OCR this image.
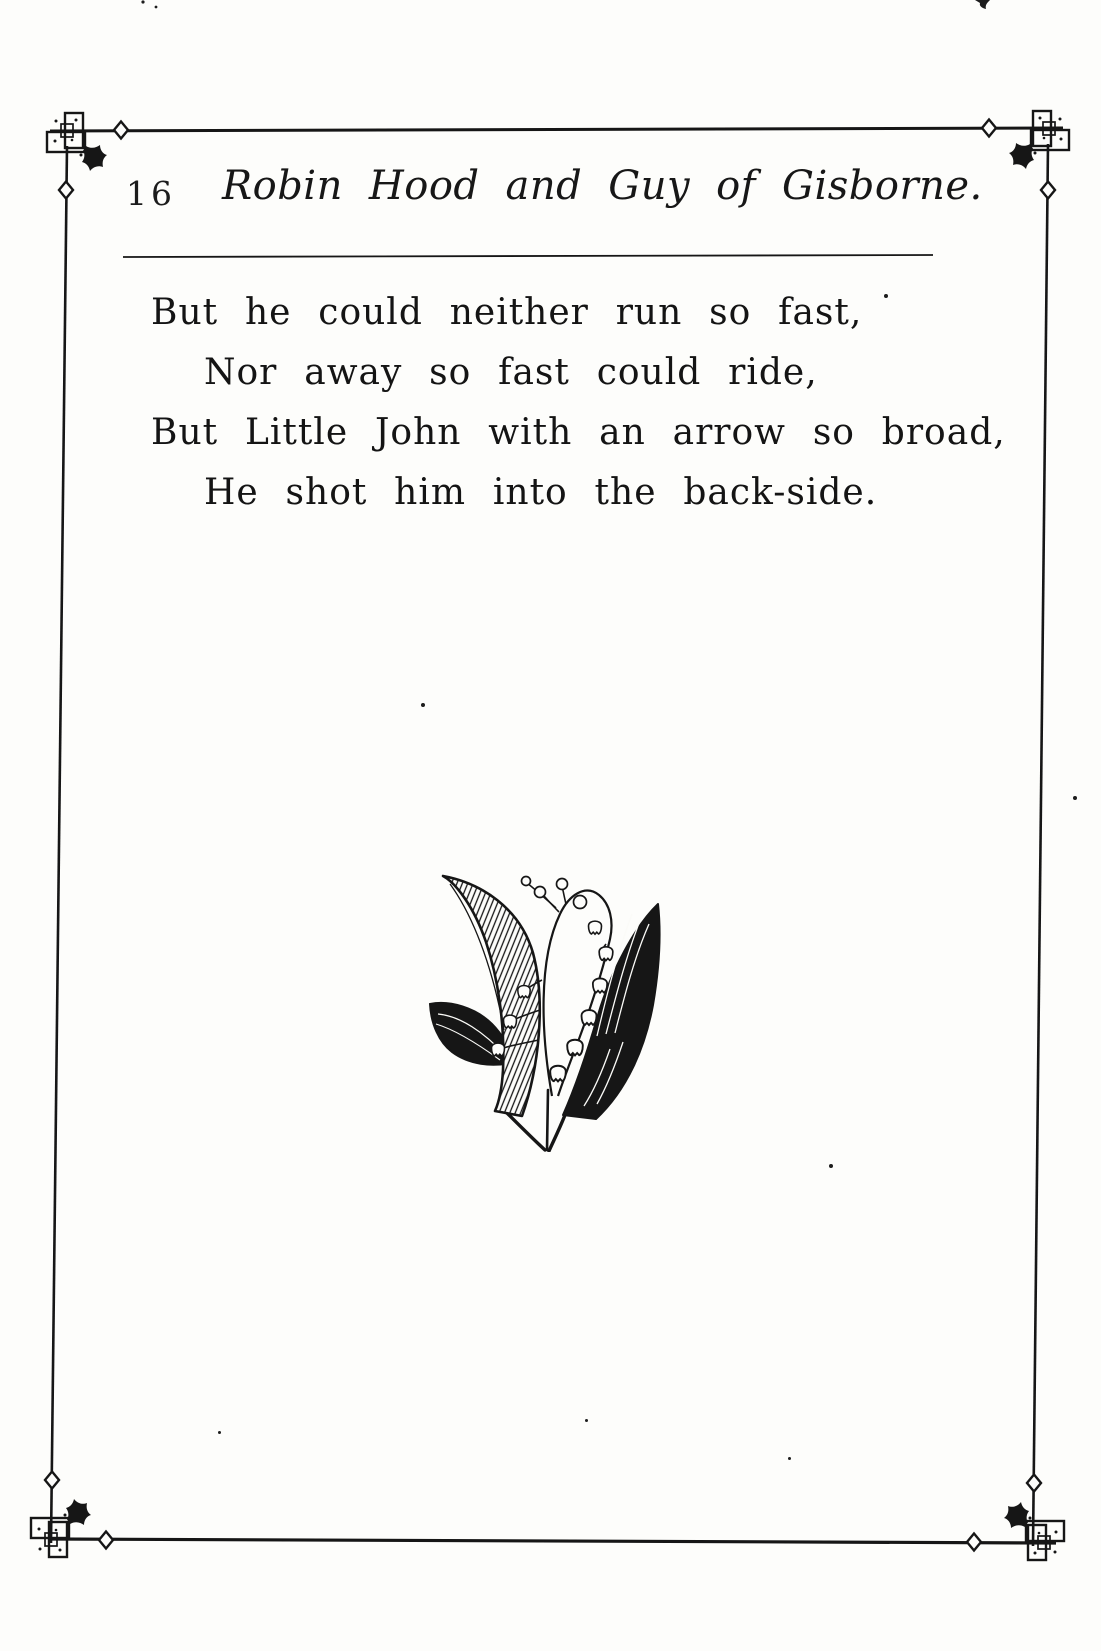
16 Robin Hood and Guy of Gisborne.
But he could neither run so fast,
Nor away so fast could ride,
But Little John with an arrow so broad,
He shot him into the back-side.
